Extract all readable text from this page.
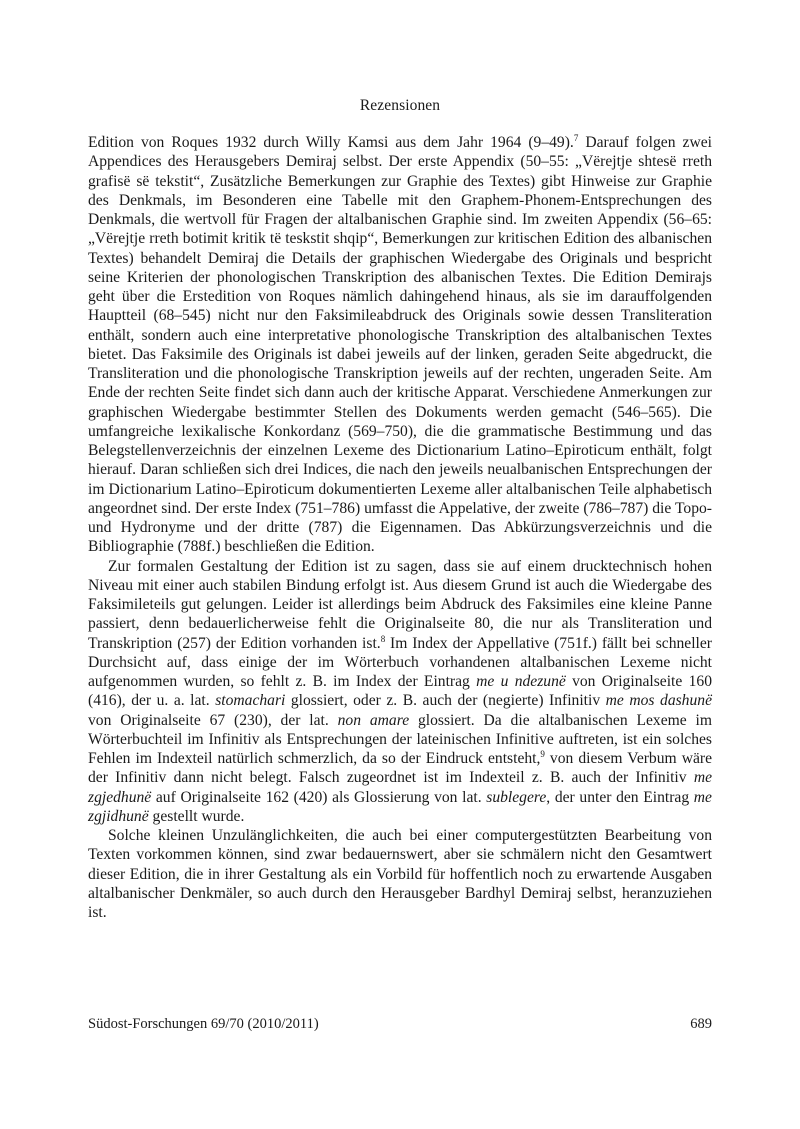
Rezensionen

Edition von Roques 1932 durch Willy Kamsi aus dem Jahr 1964 (9–49).$^7$ Darauf folgen zwei Appendices des Herausgebers Demiraj selbst. Der erste Appendix (50–55: „Vërejtje shtesë rreth grafisë së tekstit“, Zusätzliche Bemerkungen zur Graphie des Textes) gibt Hinweise zur Graphie des Denkmals, im Besonderen eine Tabelle mit den Graphem-Phonem-Entsprechungen des Denkmals, die wertvoll für Fragen der altalbanischen Graphie sind. Im zweiten Appendix (56–65: „Vërejtje rreth botimit kritik të teskstit shqip“, Bemerkungen zur kritischen Edition des albanischen Textes) behandelt Demiraj die Details der graphischen Wiedergabe des Originals und bespricht seine Kriterien der phonologischen Transkription des albanischen Textes. Die Edition Demirajs geht über die Erstedition von Roques nämlich dahingehend hinaus, als sie im darauffolgenden Hauptteil (68–545) nicht nur den Faksimileabdruck des Originals sowie dessen Transliteration enthält, sondern auch eine interpretative phonologische Transkription des altalbanischen Textes bietet. Das Faksimile des Originals ist dabei jeweils auf der linken, geraden Seite abgedruckt, die Transliteration und die phonologische Transkription jeweils auf der rechten, ungeraden Seite. Am Ende der rechten Seite findet sich dann auch der kritische Apparat. Verschiedene Anmerkungen zur graphischen Wiedergabe bestimmter Stellen des Dokuments werden gemacht (546–565). Die umfangreiche lexikalische Konkordanz (569–750), die die grammatische Bestimmung und das Belegstellenverzeichnis der einzelnen Lexeme des Dictionarium Latino–Epiroticum enthält, folgt hierauf. Daran schließen sich drei Indices, die nach den jeweils neualbanischen Entsprechungen der im Dictionarium Latino–Epiroticum dokumentierten Lexeme aller altalbanischen Teile alphabetisch angeordnet sind. Der erste Index (751–786) umfasst die Appelative, der zweite (786–787) die Topo- und Hydronyme und der dritte (787) die Eigennamen. Das Abkürzungsverzeichnis und die Bibliographie (788f.) beschließen die Edition.

Zur formalen Gestaltung der Edition ist zu sagen, dass sie auf einem drucktechnisch hohen Niveau mit einer auch stabilen Bindung erfolgt ist. Aus diesem Grund ist auch die Wiedergabe des Faksimileteils gut gelungen. Leider ist allerdings beim Abdruck des Faksimiles eine kleine Panne passiert, denn bedauerlicherweise fehlt die Originalseite 80, die nur als Transliteration und Transkription (257) der Edition vorhanden ist.$^8$ Im Index der Appellative (751f.) fällt bei schneller Durchsicht auf, dass einige der im Wörterbuch vorhandenen altalbanischen Lexeme nicht aufgenommen wurden, so fehlt z. B. im Index der Eintrag me u ndezunë von Originalseite 160 (416), der u. a. lat. stomachari glossiert, oder z. B. auch der (negierte) Infinitiv me mos dashunë von Originalseite 67 (230), der lat. non amare glossiert. Da die altalbanischen Lexeme im Wörterbuchteil im Infinitiv als Entsprechungen der lateinischen Infinitive auftreten, ist ein solches Fehlen im Indexteil natürlich schmerzlich, da so der Eindruck entsteht,$^9$ von diesem Verbum wäre der Infinitiv dann nicht belegt. Falsch zugeordnet ist im Indexteil z. B. auch der Infinitiv me zgjedhunë auf Originalseite 162 (420) als Glossierung von lat. sublegere, der unter den Eintrag me zgjidhunë gestellt wurde.

Solche kleinen Unzulänglichkeiten, die auch bei einer computergestützten Bearbeitung von Texten vorkommen können, sind zwar bedauernswert, aber sie schmälern nicht den Gesamtwert dieser Edition, die in ihrer Gestaltung als ein Vorbild für hoffentlich noch zu erwartende Ausgaben altalbanischer Denkmäler, so auch durch den Herausgeber Bardhyl Demiraj selbst, heranzuziehen ist.

Südost-Forschungen 69/70 (2010/2011)	689
